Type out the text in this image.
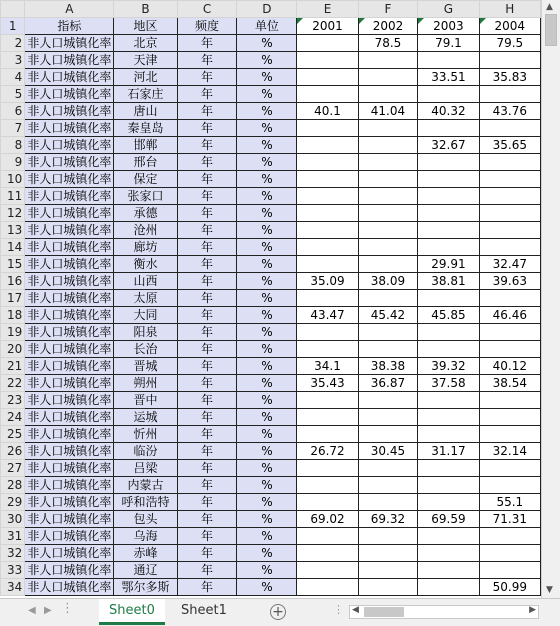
	A	B	C	D	E	F	G	H
1	指标	地区	频度	单位	2001	2002	2003	2004
2	非人口城镇化率	北京	年	%		78.5	79.1	79.5
3	非人口城镇化率	天津	年	%				
4	非人口城镇化率	河北	年	%			33.51	35.83
5	非人口城镇化率	石家庄	年	%				
6	非人口城镇化率	唐山	年	%	40.1	41.04	40.32	43.76
7	非人口城镇化率	秦皇岛	年	%				
8	非人口城镇化率	邯郸	年	%			32.67	35.65
9	非人口城镇化率	邢台	年	%				
10	非人口城镇化率	保定	年	%				
11	非人口城镇化率	张家口	年	%				
12	非人口城镇化率	承德	年	%				
13	非人口城镇化率	沧州	年	%				
14	非人口城镇化率	廊坊	年	%				
15	非人口城镇化率	衡水	年	%			29.91	32.47
16	非人口城镇化率	山西	年	%	35.09	38.09	38.81	39.63
17	非人口城镇化率	太原	年	%				
18	非人口城镇化率	大同	年	%	43.47	45.42	45.85	46.46
19	非人口城镇化率	阳泉	年	%				
20	非人口城镇化率	长治	年	%				
21	非人口城镇化率	晋城	年	%	34.1	38.38	39.32	40.12
22	非人口城镇化率	朔州	年	%	35.43	36.87	37.58	38.54
23	非人口城镇化率	晋中	年	%				
24	非人口城镇化率	运城	年	%				
25	非人口城镇化率	忻州	年	%				
26	非人口城镇化率	临汾	年	%	26.72	30.45	31.17	32.14
27	非人口城镇化率	吕梁	年	%				
28	非人口城镇化率	内蒙古	年	%				
29	非人口城镇化率	呼和浩特	年	%				55.1
30	非人口城镇化率	包头	年	%	69.02	69.32	69.59	71.31
31	非人口城镇化率	乌海	年	%				
32	非人口城镇化率	赤峰	年	%				
33	非人口城镇化率	通辽	年	%				
34	非人口城镇化率	鄂尔多斯	年	%				50.99
▲
▼
◀ ▶ ⋮	Sheet0	Sheet1	+	⋮ ◀	▶
